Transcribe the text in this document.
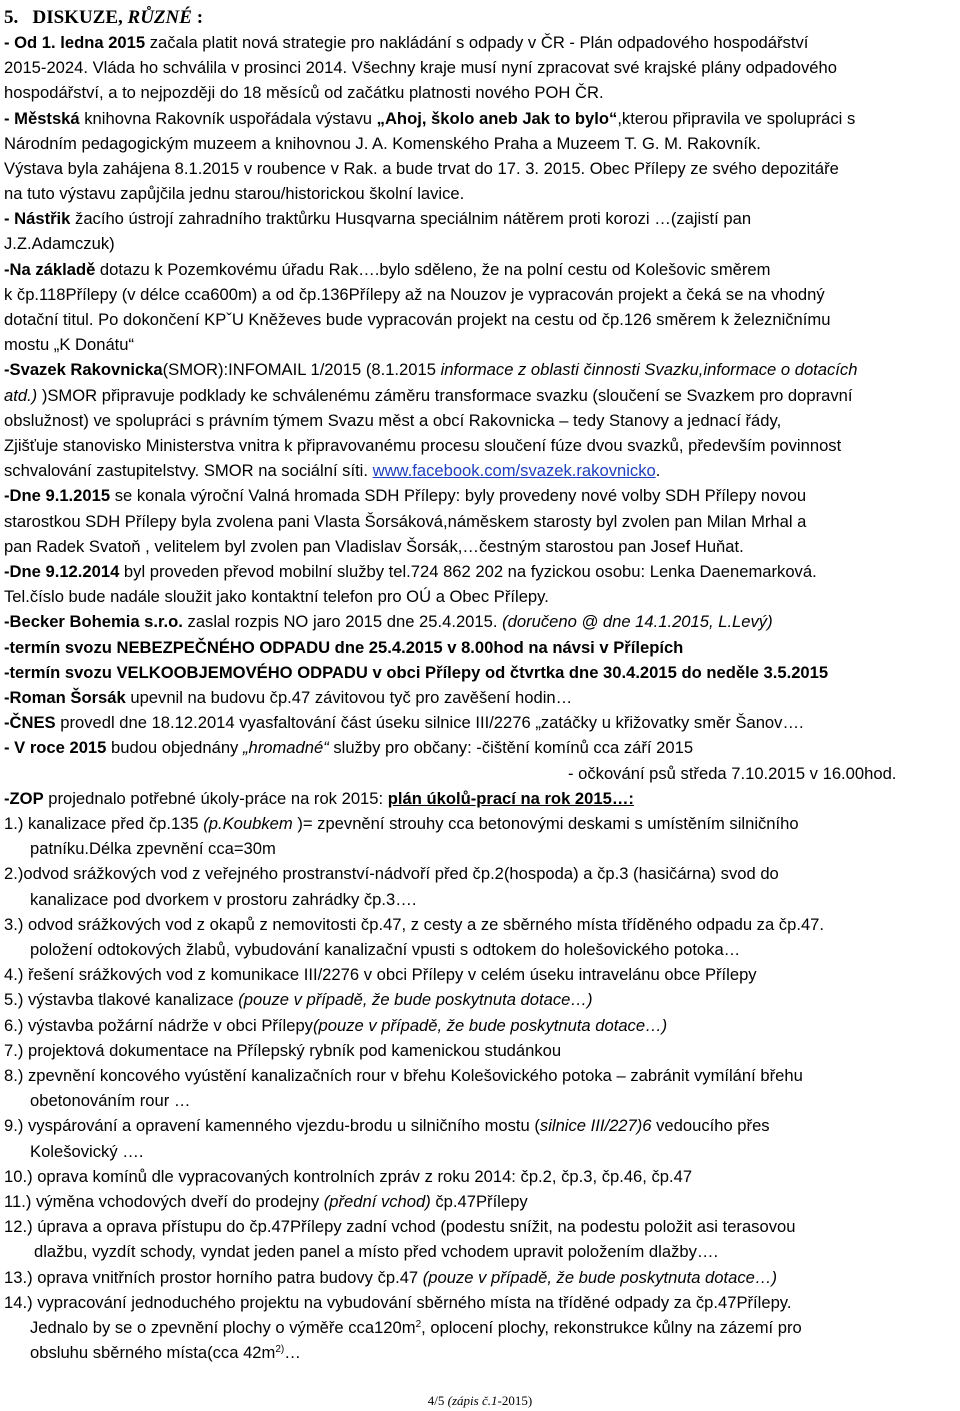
5. DISKUZE, RŮZNÉ :
- Od 1. ledna 2015 začala platit nová strategie pro nakládání s odpady v ČR - Plán odpadového hospodářství
2015-2024. Vláda ho schválila v prosinci 2014. Všechny kraje musí nyní zpracovat své krajské plány odpadového
hospodářství, a to nejpozději do 18 měsíců od začátku platnosti nového POH ČR.
- Městská knihovna Rakovník uspořádala výstavu „Ahoj, školo aneb Jak to bylo“,kterou připravila ve spolupráci s
Národním pedagogickým muzeem a knihovnou J. A. Komenského Praha a Muzeem T. G. M. Rakovník.
Výstava byla zahájena 8.1.2015 v roubence v Rak. a bude trvat do 17. 3. 2015. Obec Přílepy ze svého depozitáře
na tuto výstavu zapůjčila jednu starou/historickou školní lavice.
- Nástřik žacího ústrojí zahradního traktůrku Husqvarna speciálnim nátěrem proti korozi …(zajistí pan
J.Z.Adamczuk)
-Na základě dotazu k Pozemkovému úřadu Rak….bylo sděleno, že na polní cestu od Kolešovic směrem
k čp.118Přílepy (v délce cca600m) a od čp.136Přílepy až na Nouzov je vypracován projekt a čeká se na vhodný
dotační titul. Po dokončení KPˇU Kněževes bude vypracován projekt na cestu od čp.126 směrem k železničnímu
mostu „K Donátu“
-Svazek Rakovnicka(SMOR):INFOMAIL 1/2015 (8.1.2015 informace z oblasti činnosti Svazku,informace o dotacích
atd.) )SMOR připravuje podklady ke schválenému záměru transformace svazku (sloučení se Svazkem pro dopravní
obslužnost) ve spolupráci s právním týmem Svazu měst a obcí Rakovnicka – tedy Stanovy a jednací řády,
Zjišťuje stanovisko Ministerstva vnitra k připravovanému procesu sloučení fúze dvou svazků, především povinnost
schvalování zastupitelstvy. SMOR na sociální síti. www.facebook.com/svazek.rakovnicko.
-Dne 9.1.2015 se konala výroční Valná hromada SDH Přílepy: byly provedeny nové volby SDH Přílepy novou
starostkou SDH Přílepy byla zvolena pani Vlasta Šorsáková,náměskem starosty byl zvolen pan Milan Mrhal a
pan Radek Svatoň , velitelem byl zvolen pan Vladislav Šorsák,…čestným starostou pan Josef Huňat.
-Dne 9.12.2014 byl proveden převod mobilní služby tel.724 862 202 na fyzickou osobu: Lenka Daenemarková.
Tel.číslo bude nadále sloužit jako kontaktní telefon pro OÚ a Obec Přílepy.
-Becker Bohemia s.r.o. zaslal rozpis NO jaro 2015 dne 25.4.2015. (doručeno @ dne 14.1.2015, L.Levý)
-termín svozu NEBEZPEČNÉHO ODPADU dne 25.4.2015 v 8.00hod na návsi v Přílepích
-termín svozu VELKOOBJEMOVÉHO ODPADU v obci Přílepy od čtvrtka dne 30.4.2015 do neděle 3.5.2015
-Roman Šorsák upevnil na budovu čp.47 závitovou tyč pro zavěšení hodin…
-ČNES provedl dne 18.12.2014 vyasfaltování část úseku silnice III/2276 „zatáčky u křižovatky směr Šanov….
- V roce 2015 budou objednány „hromadné“ služby pro občany: -čištění komínů cca září 2015
- očkování psů středa 7.10.2015 v 16.00hod.
-ZOP projednalo potřebné úkoly-práce na rok 2015: plán úkolů-prací na rok 2015…:
1.) kanalizace před čp.135 (p.Koubkem )= zpevnění strouhy cca betonovými deskami s umístěním silničního
patníku.Délka zpevnění cca=30m
2.)odvod srážkových vod z veřejného prostranství-nádvoří před čp.2(hospoda) a čp.3 (hasičárna) svod do
kanalizace pod dvorkem v prostoru zahrádky čp.3….
3.) odvod srážkových vod z okapů z nemovitosti čp.47, z cesty a ze sběrného místa tříděného odpadu za čp.47.
položení odtokových žlabů, vybudování kanalizační vpusti s odtokem do holešovického potoka…
4.) řešení srážkových vod z komunikace III/2276 v obci Přílepy v celém úseku intravelánu obce Přílepy
5.) výstavba tlakové kanalizace (pouze v případě, že bude poskytnuta dotace…)
6.) výstavba požární nádrže v obci Přílepy(pouze v případě, že bude poskytnuta dotace…)
7.) projektová dokumentace na Přílepský rybník pod kamenickou studánkou
8.) zpevnění koncového vyústění kanalizačních rour v břehu Kolešovického potoka – zabránit vymílání břehu
obetonováním rour …
9.) vyspárování a opravení kamenného vjezdu-brodu u silničního mostu (silnice III/227)6 vedoucího přes
Kolešovický ….
10.) oprava komínů dle vypracovaných kontrolních zpráv z roku 2014: čp.2, čp.3, čp.46, čp.47
11.) výměna vchodových dveří do prodejny (přední vchod) čp.47Přílepy
12.) úprava a oprava přístupu do čp.47Přílepy zadní vchod (podestu snížit, na podestu položit asi terasovou
dlažbu, vyzdít schody, vyndat jeden panel a místo před vchodem upravit položením dlažby….
13.) oprava vnitřních prostor horního patra budovy čp.47 (pouze v případě, že bude poskytnuta dotace…)
14.) vypracování jednoduchého projektu na vybudování sběrného místa na tříděné odpady za čp.47Přílepy.
Jednalo by se o zpevnění plochy o výměře $cca120m^2$, oplocení plochy, rekonstrukce kůlny na zázemí pro
obsluhu sběrného místa(cca $42m^{2)}\dots$
4/5 (zápis č.1-2015)
